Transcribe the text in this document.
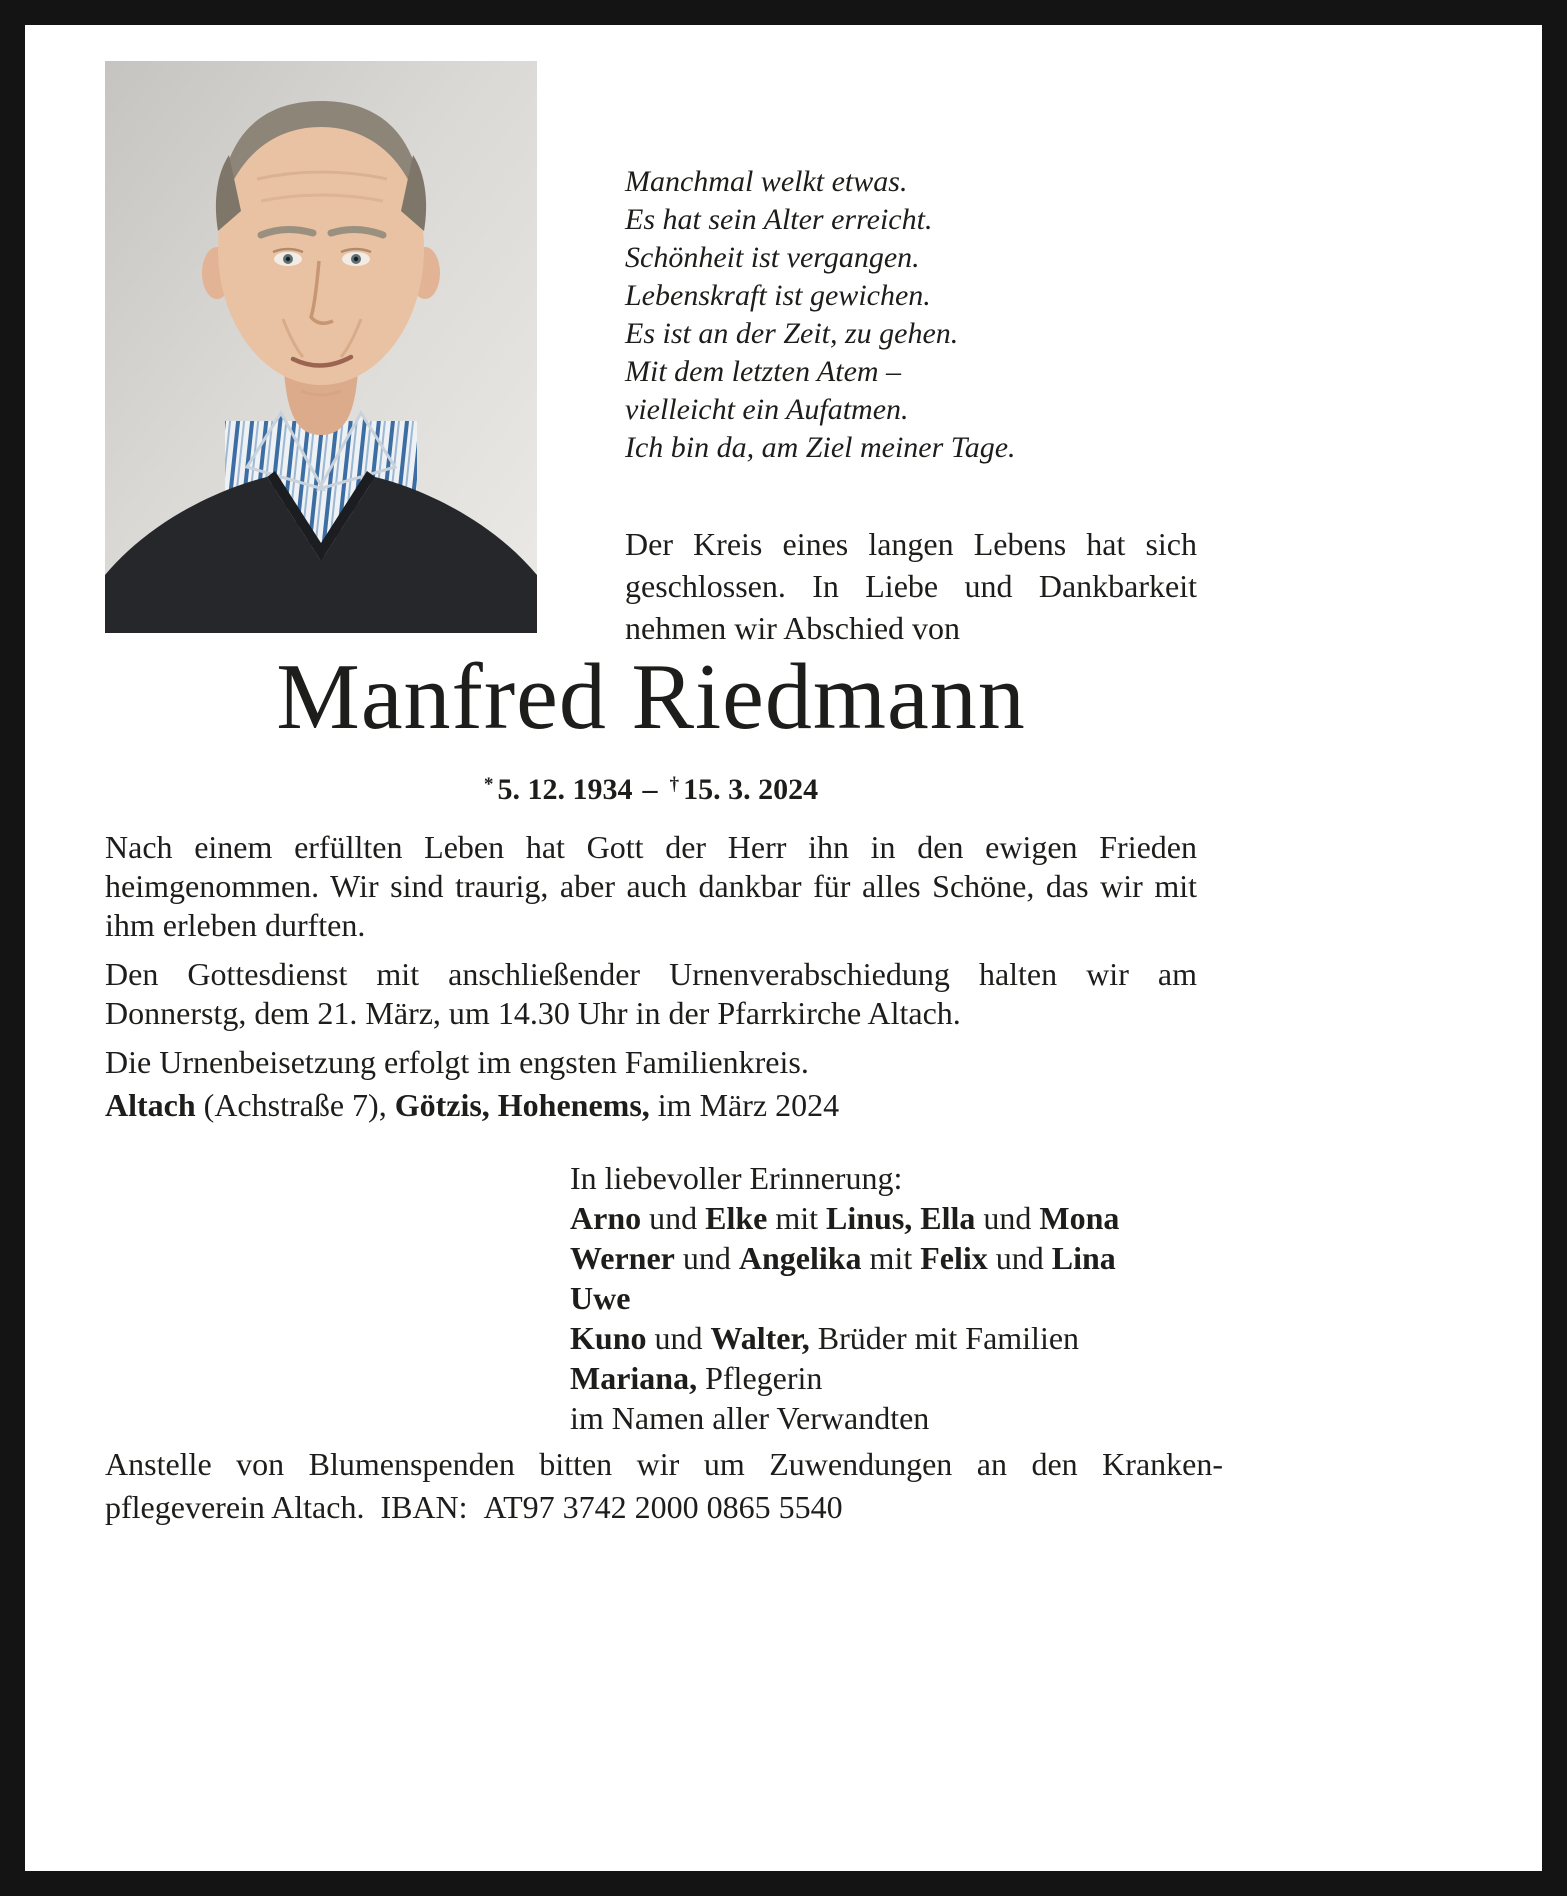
Manchmal welkt etwas.
Es hat sein Alter erreicht.
Schönheit ist vergangen.
Lebenskraft ist gewichen.
Es ist an der Zeit, zu gehen.
Mit dem letzten Atem –
vielleicht ein Aufatmen.
Ich bin da, am Ziel meiner Tage.
Der Kreis eines langen Lebens hat sich geschlossen. In Liebe und Dankbarkeit nehmen wir Abschied von
Manfred Riedmann
* 5. 12. 1934 – † 15. 3. 2024

Nach einem erfüllten Leben hat Gott der Herr ihn in den ewigen Frieden heimgenommen. Wir sind traurig, aber auch dankbar für alles Schöne, das wir mit ihm erleben durften.

Den Gottesdienst mit anschließender Urnenverabschiedung halten wir am Donnerstg, dem 21. März, um 14.30 Uhr in der Pfarrkirche Altach.

Die Urnenbeisetzung erfolgt im engsten Familienkreis.

Altach (Achstraße 7), Götzis, Hohenems, im März 2024
In liebevoller Erinnerung:
Arno und Elke mit Linus, Ella und Mona
Werner und Angelika mit Felix und Lina
Uwe
Kuno und Walter, Brüder mit Familien
Mariana, Pflegerin
im Namen aller Verwandten
Anstelle von Blumenspenden bitten wir um Zuwendungen an den Krankenpflegeverein Altach. IBAN: AT97 3742 2000 0865 5540
